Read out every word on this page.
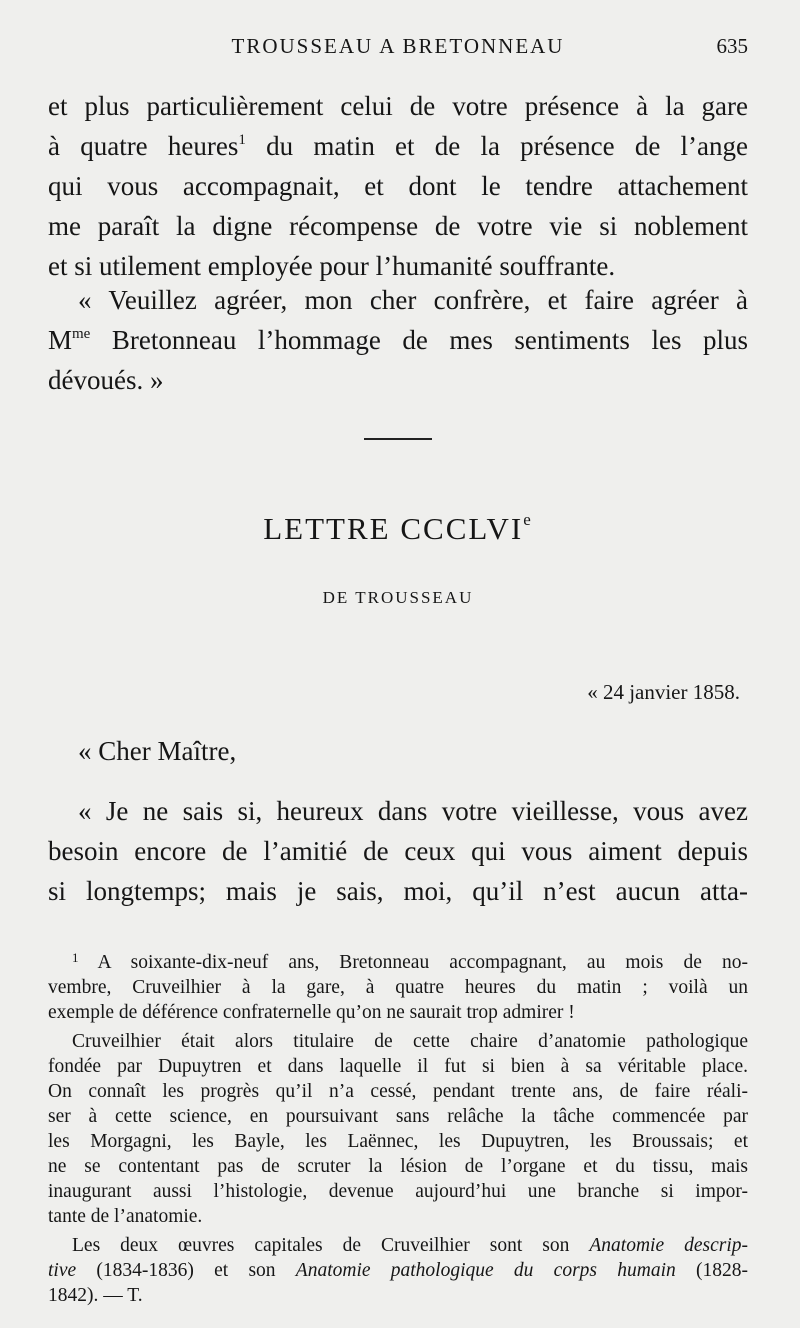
TROUSSEAU A BRETONNEAU	635
et plus particulièrement celui de votre présence à la gare
à quatre heures$^1$ du matin et de la présence de l’ange
qui vous accompagnait, et dont le tendre attachement
me paraît la digne récompense de votre vie si noblement
et si utilement employée pour l’humanité souffrante.
« Veuillez agréer, mon cher confrère, et faire agréer à
$M^{me}$ Bretonneau l’hommage de mes sentiments les plus
dévoués. »
LETTRE CCCLVIe
DE TROUSSEAU
« 24 janvier 1858.
« Cher Maître,
« Je ne sais si, heureux dans votre vieillesse, vous avez
besoin encore de l’amitié de ceux qui vous aiment depuis
si longtemps; mais je sais, moi, qu’il n’est aucun atta-
$^1$ A soixante-dix-neuf ans, Bretonneau accompagnant, au mois de no-
vembre, Cruveilhier à la gare, à quatre heures du matin ; voilà un
exemple de déférence confraternelle qu’on ne saurait trop admirer !
Cruveilhier était alors titulaire de cette chaire d’anatomie pathologique
fondée par Dupuytren et dans laquelle il fut si bien à sa véritable place.
On connaît les progrès qu’il n’a cessé, pendant trente ans, de faire réali-
ser à cette science, en poursuivant sans relâche la tâche commencée par
les Morgagni, les Bayle, les Laënnec, les Dupuytren, les Broussais; et
ne se contentant pas de scruter la lésion de l’organe et du tissu, mais
inaugurant aussi l’histologie, devenue aujourd’hui une branche si impor-
tante de l’anatomie.
Les deux œuvres capitales de Cruveilhier sont son Anatomie descrip-
tive (1834-1836) et son Anatomie pathologique du corps humain (1828-
1842). — T.
